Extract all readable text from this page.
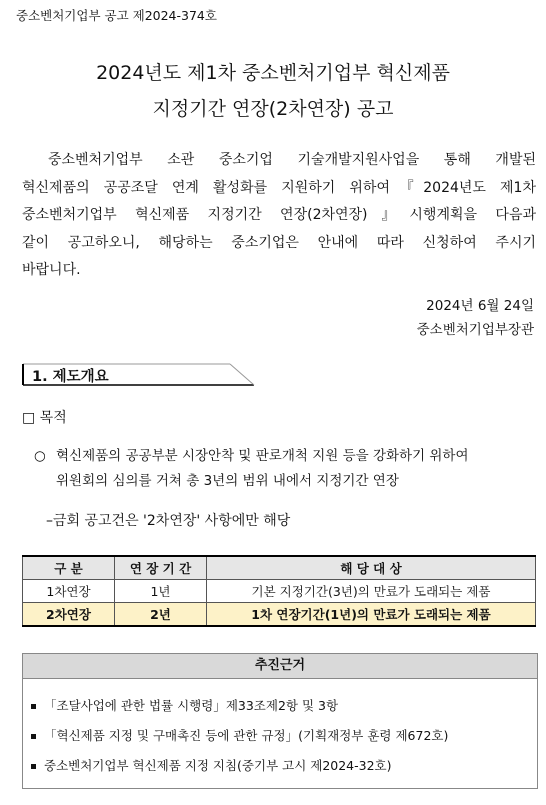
중소벤처기업부 공고 제2024-374호
2024년도 제1차 중소벤처기업부 혁신제품
지정기간 연장(2차연장) 공고
중소벤처기업부 소관 중소기업 기술개발지원사업을 통해 개발된
혁신제품의 공공조달 연계 활성화를 지원하기 위하여『2024년도 제1차
중소벤처기업부 혁신제품 지정기간 연장(2차연장)』시행계획을 다음과
같이 공고하오니, 해당하는 중소기업은 안내에 따라 신청하여 주시기
바랍니다.
2024년 6월 24일
중소벤처기업부장관
1. 제도개요
□ 목적
○ 혁신제품의 공공부분 시장안착 및 판로개척 지원 등을 강화하기 위하여
위원회의 심의를 거쳐 총 3년의 범위 내에서 지정기간 연장
–금회 공고건은 '2차연장' 사항에만 해당
구 분	연 장 기 간	해 당 대 상
1차연장	1년	기본 지정기간(3년)의 만료가 도래되는 제품
2차연장	2년	1차 연장기간(1년)의 만료가 도래되는 제품
추진근거
「조달사업에 관한 법률 시행령」제33조제2항 및 3항
「혁신제품 지정 및 구매촉진 등에 관한 규정」(기획재정부 훈령 제672호)
중소벤처기업부 혁신제품 지정 지침(중기부 고시 제2024-32호)
